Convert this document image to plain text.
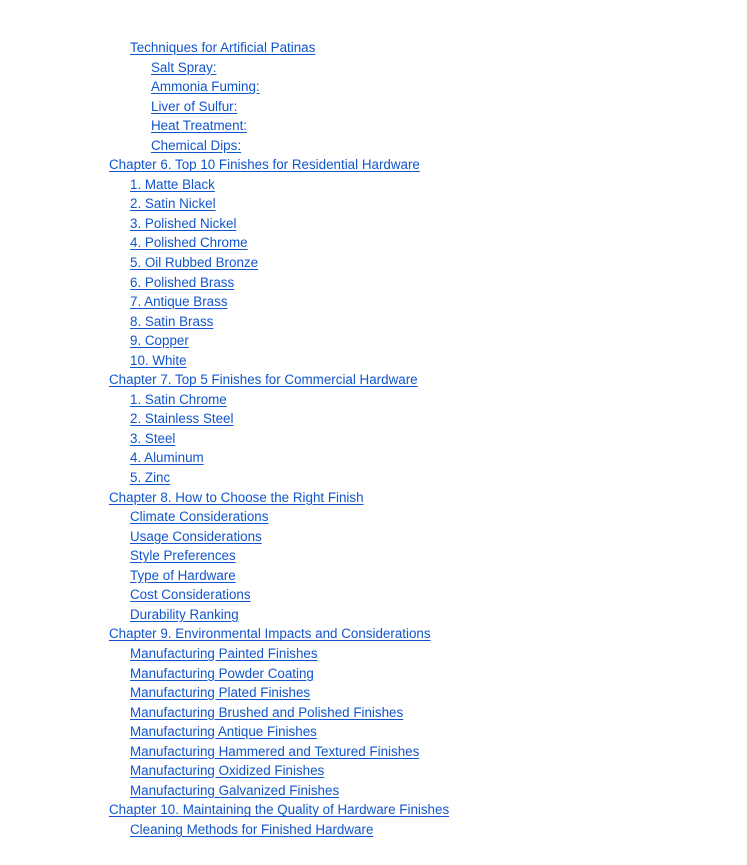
Techniques for Artificial Patinas
Salt Spray:
Ammonia Fuming:
Liver of Sulfur:
Heat Treatment:
Chemical Dips:
Chapter 6. Top 10 Finishes for Residential Hardware
1. Matte Black
2. Satin Nickel
3. Polished Nickel
4. Polished Chrome
5. Oil Rubbed Bronze
6. Polished Brass
7. Antique Brass
8. Satin Brass
9. Copper
10. White
Chapter 7. Top 5 Finishes for Commercial Hardware
1. Satin Chrome
2. Stainless Steel
3. Steel
4. Aluminum
5. Zinc
Chapter 8. How to Choose the Right Finish
Climate Considerations
Usage Considerations
Style Preferences
Type of Hardware
Cost Considerations
Durability Ranking
Chapter 9. Environmental Impacts and Considerations
Manufacturing Painted Finishes
Manufacturing Powder Coating
Manufacturing Plated Finishes
Manufacturing Brushed and Polished Finishes
Manufacturing Antique Finishes
Manufacturing Hammered and Textured Finishes
Manufacturing Oxidized Finishes
Manufacturing Galvanized Finishes
Chapter 10. Maintaining the Quality of Hardware Finishes
Cleaning Methods for Finished Hardware
